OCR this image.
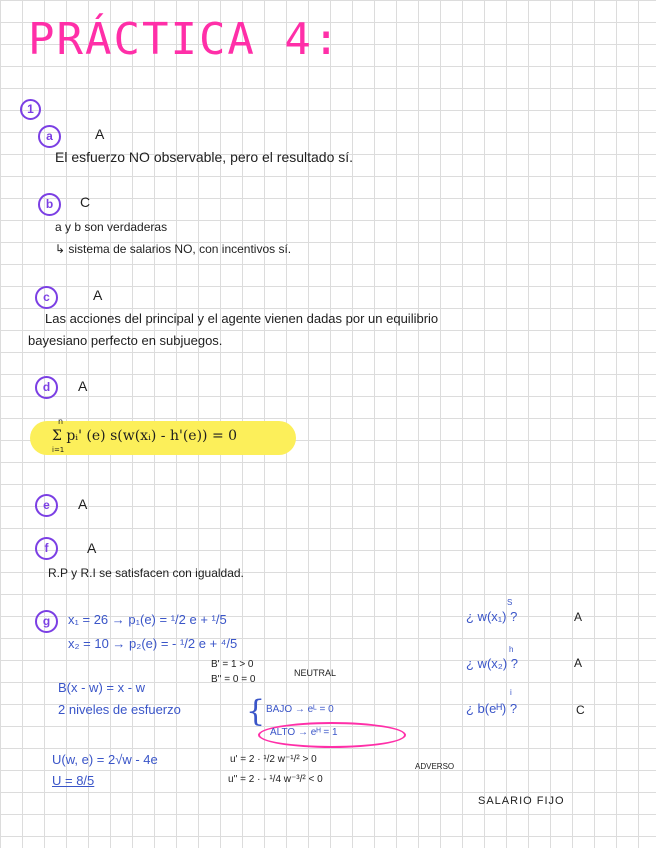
PRÁCTICA 4:
1
a	A
El esfuerzo NO observable, pero el resultado sí.
b	C
a y b son verdaderas
↳ sistema de salarios NO, con incentivos sí.
c	A
Las acciones del principal y el agente vienen dadas por un equilibrio
bayesiano perfecto en subjuegos.
d	A
n
i=1
Σ pᵢ' (e) s(w(xᵢ) - h'(e)) = 0
e	A
f	A
R.P y R.I se satisfacen con igualdad.
g	x₁ = 26 → p₁(e) = ¹/2 e + ¹/5
x₂ = 10 → p₂(e) = - ¹/2 e + ⁴/5
B' = 1 > 0
B'' = 0 = 0
NEUTRAL
B(x - w) = x - w
2 niveles de esfuerzo { BAJO → eᴸ = 0
ALTO → eᴴ = 1
U(w, e) = 2√w - 4e
U = 8/5
u' = 2 · ¹/2 w⁻¹/² > 0
u'' = 2 · - ¹/4 w⁻³/² < 0
ADVERSO
S
¿ w(x₁) ?	A
h
¿ w(x₂) ?	A
i
¿ b(eᴴ) ?	C
SALARIO FIJO
